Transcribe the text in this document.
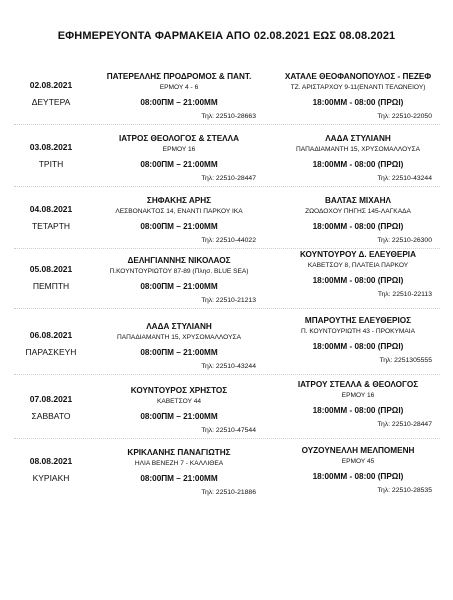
ΕΦΗΜΕΡΕΥΟΝΤΑ ΦΑΡΜΑΚΕΙΑ ΑΠΟ 02.08.2021 ΕΩΣ 08.08.2021
02.08.2021
ΔΕΥΤΕΡΑ
ΠΑΤΕΡΕΛΛΗΣ ΠΡΟΔΡΟΜΟΣ & ΠΑΝΤ.
ΕΡΜΟΥ 4 - 6
08:00ΠΜ – 21:00ΜΜ
Τηλ: 22510-28663
ΧΑΤΑΛΕ ΘΕΟΦΑΝΟΠΟΥΛΟΣ - ΠΕΖΕΦ
ΤΖ. ΑΡΙΣΤΑΡΧΟΥ 9-11(ΕΝΑΝΤΙ ΤΕΛΩΝΕΙΟΥ)
18:00ΜΜ - 08:00 (ΠΡΩΙ)
Τηλ: 22510-22050
03.08.2021
ΤΡΙΤΗ
ΙΑΤΡΟΣ ΘΕΟΛΟΓΟΣ & ΣΤΕΛΛΑ
ΕΡΜΟΥ 16
08:00ΠΜ – 21:00ΜΜ
Τηλ: 22510-28447
ΛΑΔΑ ΣΤΥΛΙΑΝΗ
ΠΑΠΑΔΙΑΜΑΝΤΗ 15, ΧΡΥΣΟΜΑΛΛΟΥΣΑ
18:00ΜΜ - 08:00 (ΠΡΩΙ)
Τηλ: 22510-43244
04.08.2021
ΤΕΤΑΡΤΗ
ΣΗΦΑΚΗΣ ΑΡΗΣ
ΛΕΣΒΟΝΑΚΤΟΣ 14, ΕΝΑΝΤΙ ΠΑΡΚΟΥ ΙΚΑ
08:00ΠΜ – 21:00ΜΜ
Τηλ: 22510-44022
ΒΑΛΤΑΣ ΜΙΧΑΗΛ
ΖΩΟΔΟΧΟΥ ΠΗΓΗΣ 145-ΛΑΓΚΑΔΑ
18:00ΜΜ - 08:00 (ΠΡΩΙ)
Τηλ: 22510-26300
05.08.2021
ΠΕΜΠΤΗ
ΔΕΛΗΓΙΑΝΝΗΣ ΝΙΚΟΛΑΟΣ
Π.ΚΟΥΝΤΟΥΡΙΩΤΟΥ 87-89 (Πλησ. BLUE SEA)
08:00ΠΜ – 21:00ΜΜ
Τηλ: 22510-21213
ΚΟΥΝΤΟΥΡΟΥ Δ. ΕΛΕΥΘΕΡΙΑ
ΚΑΒΕΤΣΟΥ 8, ΠΛΑΤΕΙΑ ΠΑΡΚΟΥ
18:00ΜΜ - 08:00 (ΠΡΩΙ)
Τηλ: 22510-22113
06.08.2021
ΠΑΡΑΣΚΕΥΗ
ΛΑΔΑ ΣΤΥΛΙΑΝΗ
ΠΑΠΑΔΙΑΜΑΝΤΗ 15, ΧΡΥΣΟΜΑΛΛΟΥΣΑ
08:00ΠΜ – 21:00ΜΜ
Τηλ: 22510-43244
ΜΠΑΡΟΥΤΗΣ ΕΛΕΥΘΕΡΙΟΣ
Π. ΚΟΥΝΤΟΥΡΙΩΤΗ 43 - ΠΡΟΚΥΜΑΙΑ
18:00ΜΜ - 08:00 (ΠΡΩΙ)
Τηλ: 2251305555
07.08.2021
ΣΑΒΒΑΤΟ
ΚΟΥΝΤΟΥΡΟΣ ΧΡΗΣΤΟΣ
ΚΑΒΕΤΣΟΥ 44
08:00ΠΜ – 21:00ΜΜ
Τηλ: 22510-47544
ΙΑΤΡΟΥ ΣΤΕΛΛΑ & ΘΕΟΛΟΓΟΣ
ΕΡΜΟΥ 16
18:00ΜΜ - 08:00 (ΠΡΩΙ)
Τηλ: 22510-28447
08.08.2021
ΚΥΡΙΑΚΗ
ΚΡΙΚΛΑΝΗΣ ΠΑΝΑΓΙΩΤΗΣ
ΗΛΙΑ ΒΕΝΕΖΗ 7 - ΚΑΛΛΙΘΕΑ
08:00ΠΜ – 21:00ΜΜ
Τηλ: 22510-21886
ΟΥΖΟΥΝΕΛΛΗ ΜΕΛΠΟΜΕΝΗ
ΕΡΜΟΥ 45
18:00ΜΜ - 08:00 (ΠΡΩΙ)
Τηλ: 22510-28535
